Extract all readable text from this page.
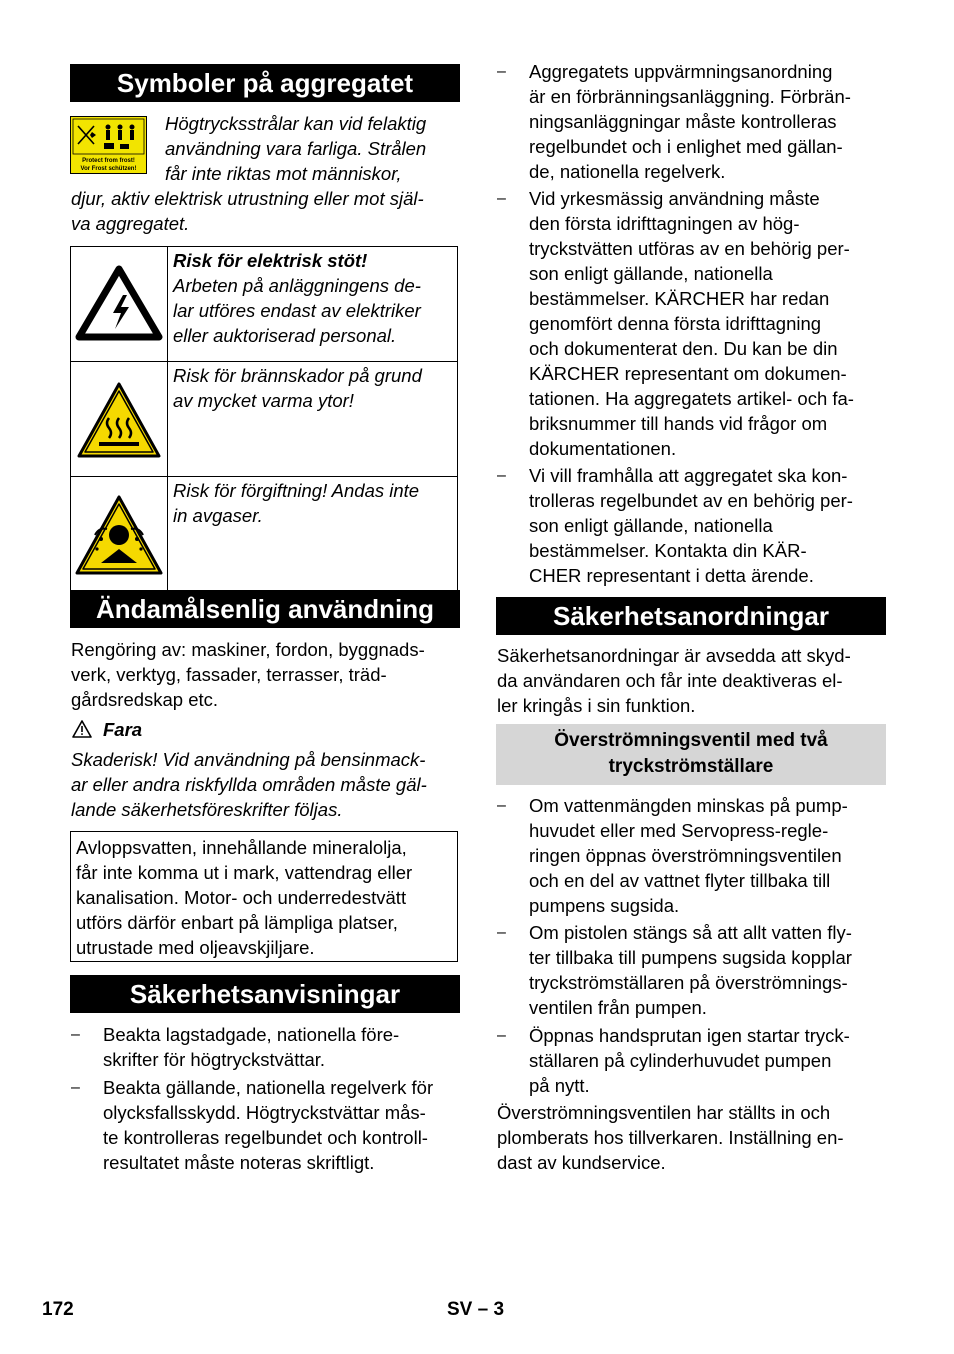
Symboler på aggregatet
Protect from frost!
Vor Frost schützen!
Högtrycksstrålar kan vid felaktig
användning vara farliga. Strålen
får inte riktas mot människor,
djur, aktiv elektrisk utrustning eller mot själ-
va aggregatet.

Risk för elektrisk stöt!
Arbeten på anläggningens de-
lar utföres endast av elektriker
eller auktoriserad personal.

Risk för brännskador på grund
av mycket varma ytor!

Risk för förgiftning! Andas inte
in avgaser.
Ändamålsenlig användning
Rengöring av: maskiner, fordon, byggnads-
verk, verktyg, fassader, terrasser, träd-
gårdsredskap etc.
Fara
Skaderisk! Vid användning på bensinmack-
ar eller andra riskfyllda områden måste gäl-
lande säkerhetsföreskrifter följas.
Avloppsvatten, innehållande mineralolja,
får inte komma ut i mark, vattendrag eller
kanalisation. Motor- och underredestvätt
utförs därför enbart på lämpliga platser,
utrustade med oljeavskjiljare.
Säkerhetsanvisningar
– Beakta lagstadgade, nationella före-
skrifter för högtryckstvättar.
– Beakta gällande, nationella regelverk för
olycksfallsskydd. Högtryckstvättar mås-
te kontrolleras regelbundet och kontroll-
resultatet måste noteras skriftligt.
– Aggregatets uppvärmningsanordning
är en förbränningsanläggning. Förbrän-
ningsanläggningar måste kontrolleras
regelbundet och i enlighet med gällan-
de, nationella regelverk.
– Vid yrkesmässig användning måste
den första idrifttagningen av hög-
tryckstvätten utföras av en behörig per-
son enligt gällande, nationella
bestämmelser. KÄRCHER har redan
genomfört denna första idrifttagning
och dokumenterat den. Du kan be din
KÄRCHER representant om dokumen-
tationen. Ha aggregatets artikel- och fa-
briksnummer till hands vid frågor om
dokumentationen.
– Vi vill framhålla att aggregatet ska kon-
trolleras regelbundet av en behörig per-
son enligt gällande, nationella
bestämmelser. Kontakta din KÄR-
CHER representant i detta ärende.
Säkerhetsanordningar
Säkerhetsanordningar är avsedda att skyd-
da användaren och får inte deaktiveras el-
ler kringås i sin funktion.
Överströmningsventil med två
tryckströmställare
– Om vattenmängden minskas på pump-
huvudet eller med Servopress-regle-
ringen öppnas överströmningsventilen
och en del av vattnet flyter tillbaka till
pumpens sugsida.
– Om pistolen stängs så att allt vatten fly-
ter tillbaka till pumpens sugsida kopplar
tryckströmställaren på överströmnings-
ventilen från pumpen.
– Öppnas handsprutan igen startar tryck-
ställaren på cylinderhuvudet pumpen
på nytt.
Överströmningsventilen har ställts in och
plomberats hos tillverkaren. Inställning en-
dast av kundservice.
172	SV – 3
